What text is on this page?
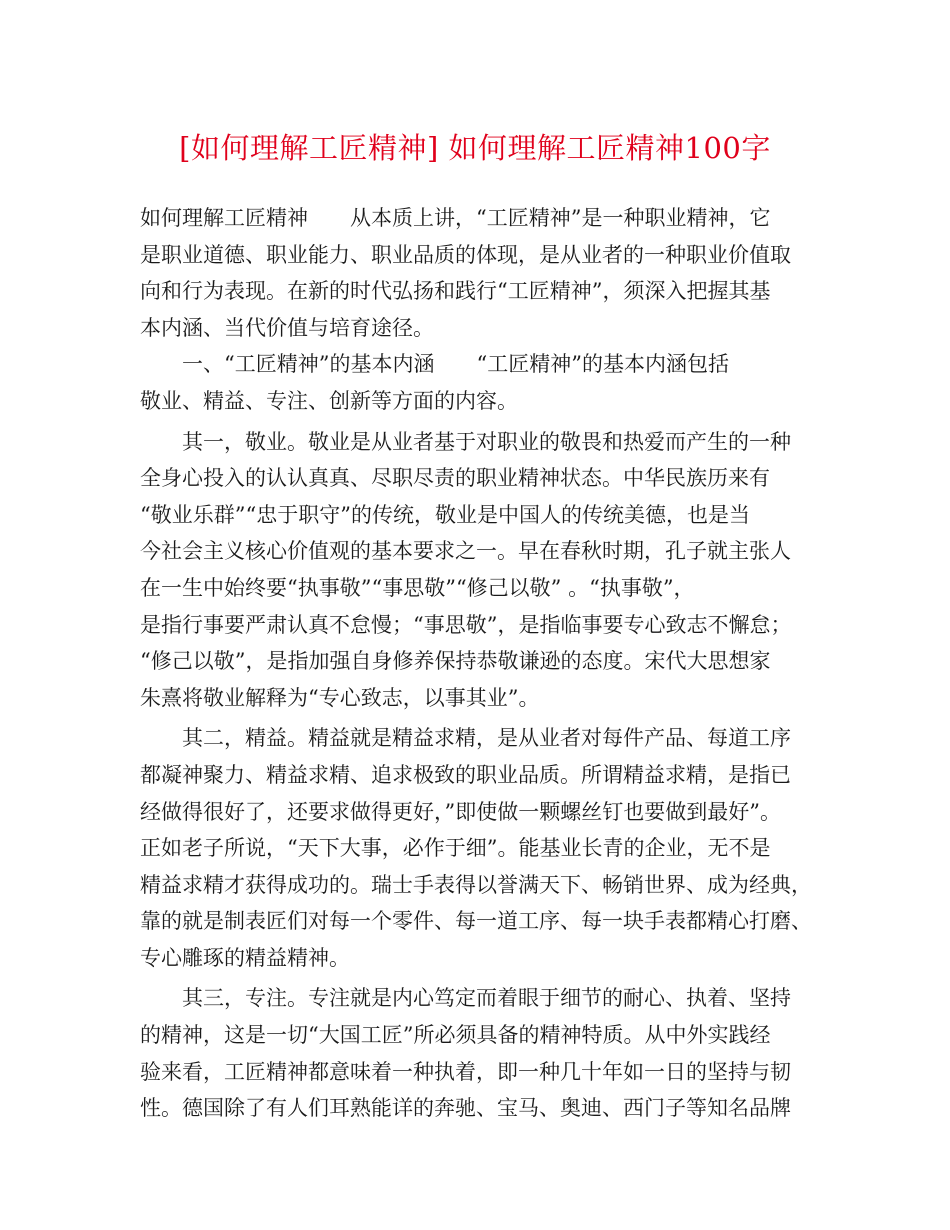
[如何理解工匠精神] 如何理解工匠精神100字
如何理解工匠精神　　从本质上讲，“工匠精神”是一种职业精神，它
是职业道德、职业能力、职业品质的体现，是从业者的一种职业价值取
向和行为表现。在新的时代弘扬和践行“工匠精神”，须深入把握其基
本内涵、当代价值与培育途径。
一、“工匠精神”的基本内涵　　“工匠精神”的基本内涵包括
敬业、精益、专注、创新等方面的内容。
其一，敬业。敬业是从业者基于对职业的敬畏和热爱而产生的一种
全身心投入的认认真真、尽职尽责的职业精神状态。中华民族历来有
“敬业乐群”“忠于职守”的传统，敬业是中国人的传统美德，也是当
今社会主义核心价值观的基本要求之一。早在春秋时期，孔子就主张人
在一生中始终要“执事敬”“事思敬”“修己以敬” 。“执事敬”，
是指行事要严肃认真不怠慢；“事思敬”，是指临事要专心致志不懈怠；
“修己以敬”，是指加强自身修养保持恭敬谦逊的态度。宋代大思想家
朱熹将敬业解释为“专心致志，以事其业”。
其二，精益。精益就是精益求精，是从业者对每件产品、每道工序
都凝神聚力、精益求精、追求极致的职业品质。所谓精益求精，是指已
经做得很好了，还要求做得更好，”即使做一颗螺丝钉也要做到最好”。
正如老子所说，“天下大事，必作于细”。能基业长青的企业，无不是
精益求精才获得成功的。瑞士手表得以誉满天下、畅销世界、成为经典，
靠的就是制表匠们对每一个零件、每一道工序、每一块手表都精心打磨、
专心雕琢的精益精神。
其三，专注。专注就是内心笃定而着眼于细节的耐心、执着、坚持
的精神，这是一切“大国工匠”所必须具备的精神特质。从中外实践经
验来看，工匠精神都意味着一种执着，即一种几十年如一日的坚持与韧
性。德国除了有人们耳熟能详的奔驰、宝马、奥迪、西门子等知名品牌
